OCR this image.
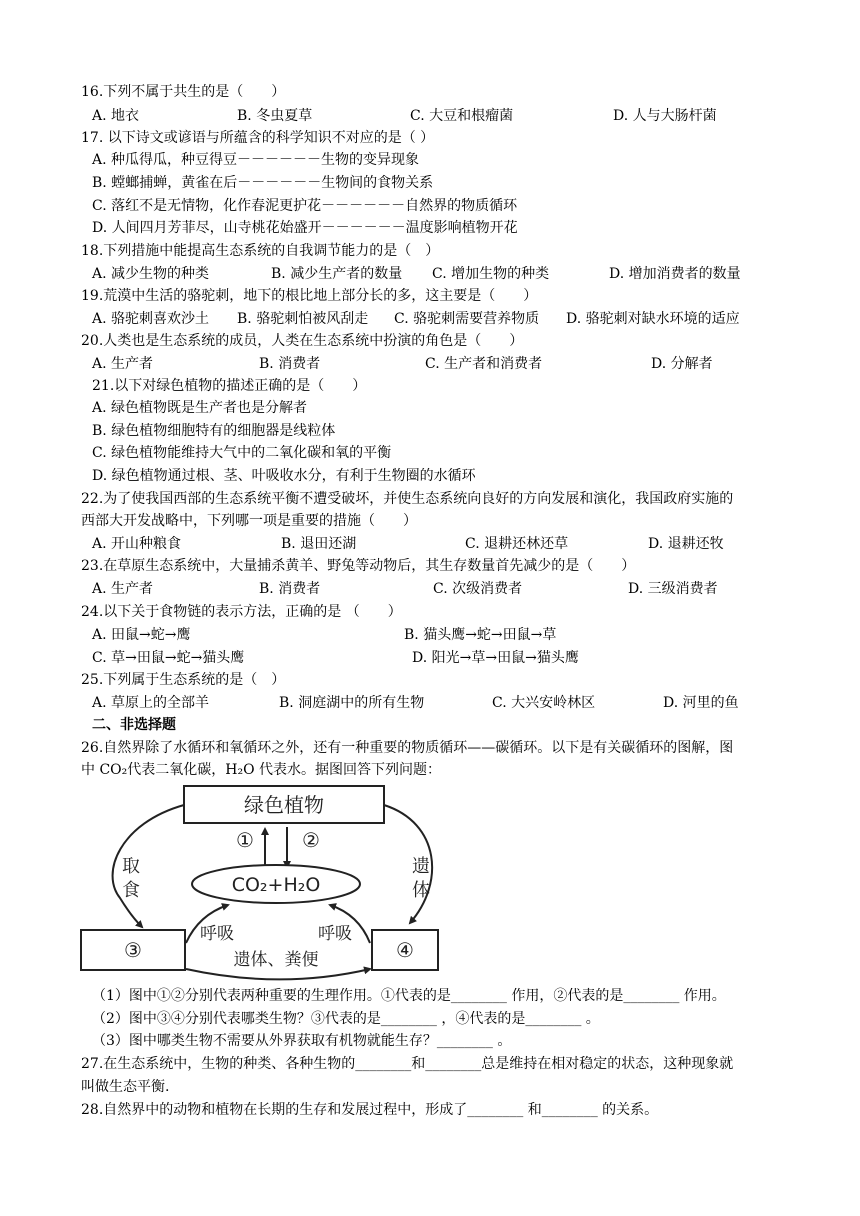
16.下列不属于共生的是（　　）
A. 地衣	B. 冬虫夏草	C. 大豆和根瘤菌	D. 人与大肠杆菌
17. 以下诗文或谚语与所蕴含的科学知识不对应的是（ ）
A. 种瓜得瓜，种豆得豆－－－－－－生物的变异现象
B. 螳螂捕蝉，黄雀在后－－－－－－生物间的食物关系
C. 落红不是无情物，化作春泥更护花－－－－－－自然界的物质循环
D. 人间四月芳菲尽，山寺桃花始盛开－－－－－－温度影响植物开花
18.下列措施中能提高生态系统的自我调节能力的是（　）
A. 减少生物的种类	B. 减少生产者的数量 C. 增加生物的种类	D. 增加消费者的数量
19.荒漠中生活的骆驼刺，地下的根比地上部分长的多，这主要是（　　）
A. 骆驼刺喜欢沙土 B. 骆驼刺怕被风刮走 C. 骆驼刺需要营养物质 D. 骆驼刺对缺水环境的适应
20.人类也是生态系统的成员，人类在生态系统中扮演的角色是（　　）
A. 生产者	B. 消费者	C. 生产者和消费者	D. 分解者
21.以下对绿色植物的描述正确的是（　　）
A. 绿色植物既是生产者也是分解者
B. 绿色植物细胞特有的细胞器是线粒体
C. 绿色植物能维持大气中的二氧化碳和氧的平衡
D. 绿色植物通过根、茎、叶吸收水分，有利于生物圈的水循环
22.为了使我国西部的生态系统平衡不遭受破坏，并使生态系统向良好的方向发展和演化，我国政府实施的
西部大开发战略中，下列哪一项是重要的措施（　　）
A. 开山种粮食	B. 退田还湖	C. 退耕还林还草	D. 退耕还牧
23.在草原生态系统中，大量捕杀黄羊、野兔等动物后，其生存数量首先减少的是（　　）
A. 生产者	B. 消费者	C. 次级消费者	D. 三级消费者
24.以下关于食物链的表示方法，正确的是 （　　）
A. 田鼠→蛇→鹰	B. 猫头鹰→蛇→田鼠→草
C. 草→田鼠→蛇→猫头鹰	D. 阳光→草→田鼠→猫头鹰
25.下列属于生态系统的是（　）
A. 草原上的全部羊	B. 洞庭湖中的所有生物	C. 大兴安岭林区	D. 河里的鱼
二、非选择题
26.自然界除了水循环和氧循环之外，还有一种重要的物质循环——碳循环。以下是有关碳循环的图解，图
中 CO₂代表二氧化碳，H₂O 代表水。据图回答下列问题：
绿色植物
① ②
CO₂+H₂O
取
食
遗
体
③	④
呼吸	呼吸
遗体、粪便
（1）图中①②分别代表两种重要的生理作用。①代表的是________ 作用，②代表的是________ 作用。
（2）图中③④分别代表哪类生物？③代表的是________ ，④代表的是________ 。
（3）图中哪类生物不需要从外界获取有机物就能生存？________ 。
27.在生态系统中，生物的种类、各种生物的________和________总是维持在相对稳定的状态，这种现象就
叫做生态平衡.
28.自然界中的动物和植物在长期的生存和发展过程中，形成了________ 和________ 的关系。
